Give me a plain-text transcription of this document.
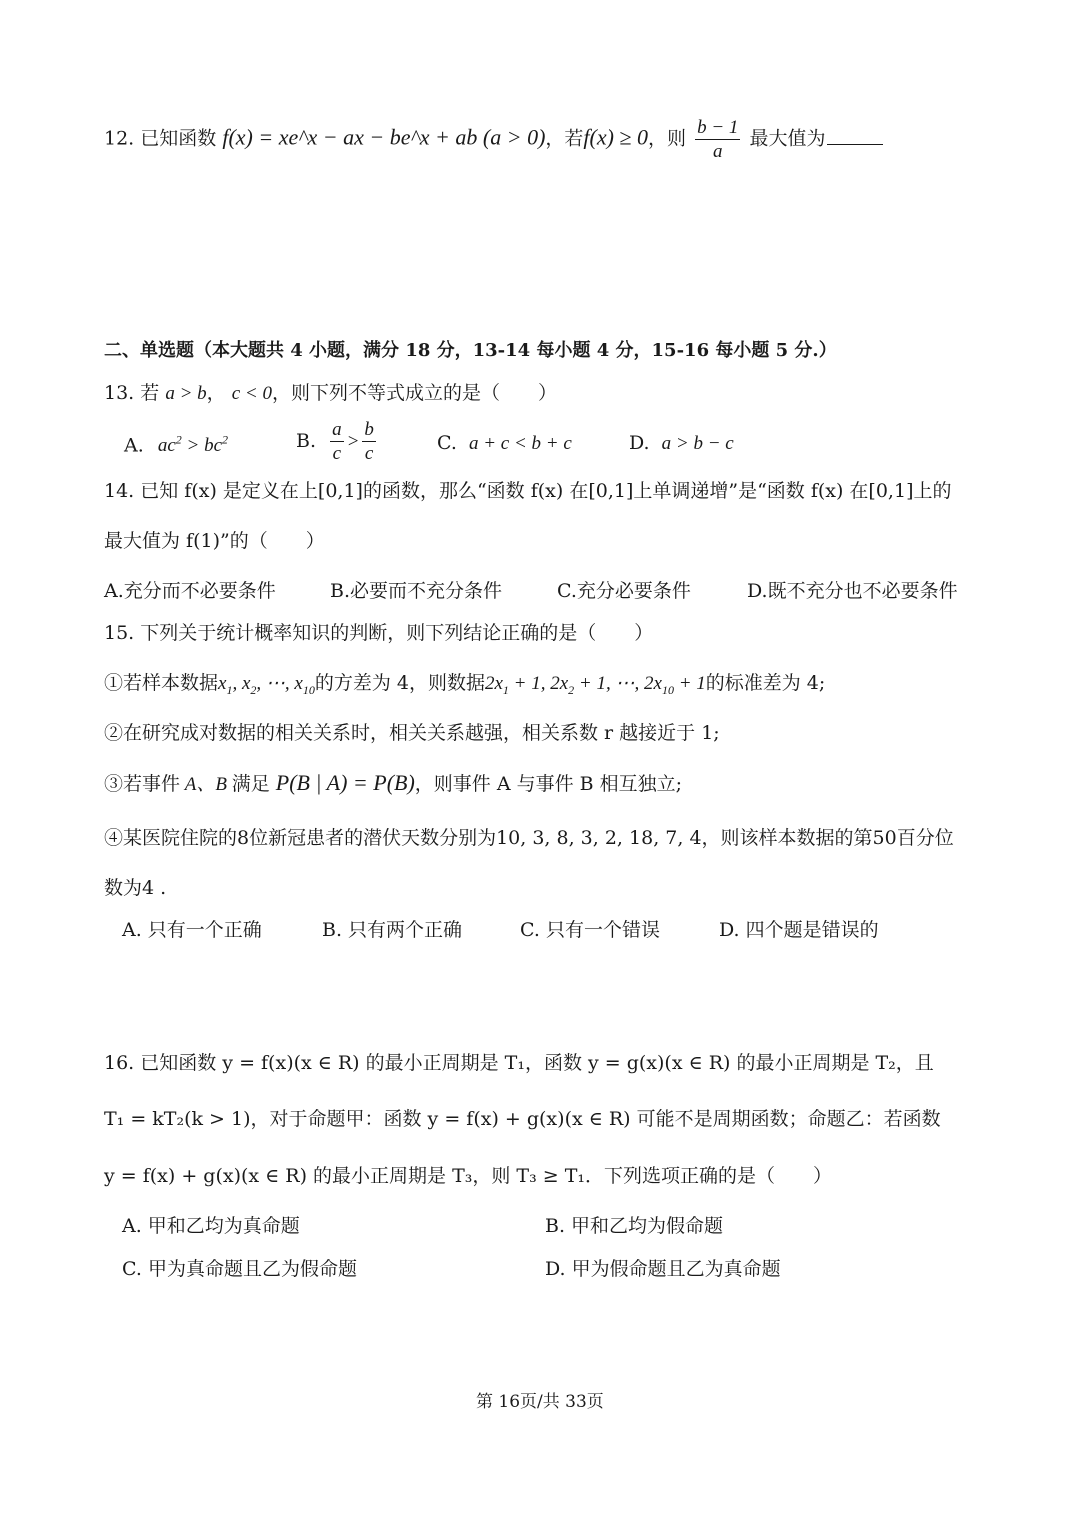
12. 已知函数 f(x) = xe^x − ax − be^x + ab (a > 0)，若f(x) ≥ 0，则 $\frac{b - 1}{a}$ 最大值为
二、单选题（本大题共 4 小题，满分 18 分，13-14 每小题 4 分，15-16 每小题 5 分.）
13. 若 a > b， c < 0，则下列不等式成立的是（　　）
A. $ac^2 > bc^2$	B. $\frac{a}{c} > \frac{b}{c}$	C. a + c < b + c	D. a > b − c
14. 已知 f(x) 是定义在上[0,1]的函数，那么“函数 f(x) 在[0,1]上单调递增”是“函数 f(x) 在[0,1]上的
最大值为 f(1)”的（　　）
A.充分而不必要条件	B.必要而不充分条件	C.充分必要条件	D.既不充分也不必要条件
15. 下列关于统计概率知识的判断，则下列结论正确的是（　　）
①若样本数据$x_1$, $x_2$, ⋯, $x_{10}$的方差为 4，则数据$2x_1 + 1$, $2x_2 + 1$, ⋯, $2x_{10} + 1$的标准差为 4;
②在研究成对数据的相关关系时，相关关系越强，相关系数 r 越接近于 1;
③若事件 A、B 满足 P(B | A) = P(B)，则事件 A 与事件 B 相互独立;
④某医院住院的8位新冠患者的潜伏天数分别为10, 3, 8, 3, 2, 18, 7, 4，则该样本数据的第50百分位
数为4 .
A. 只有一个正确	B. 只有两个正确	C. 只有一个错误	D. 四个题是错误的
16. 已知函数 y = f(x)(x ∈ R) 的最小正周期是 T₁，函数 y = g(x)(x ∈ R) 的最小正周期是 T₂，且
T₁ = kT₂(k > 1)，对于命题甲：函数 y = f(x) + g(x)(x ∈ R) 可能不是周期函数；命题乙：若函数
y = f(x) + g(x)(x ∈ R) 的最小正周期是 T₃，则 T₃ ≥ T₁．下列选项正确的是（　　）
A. 甲和乙均为真命题	B. 甲和乙均为假命题
C. 甲为真命题且乙为假命题	D. 甲为假命题且乙为真命题
第 16页/共 33页
